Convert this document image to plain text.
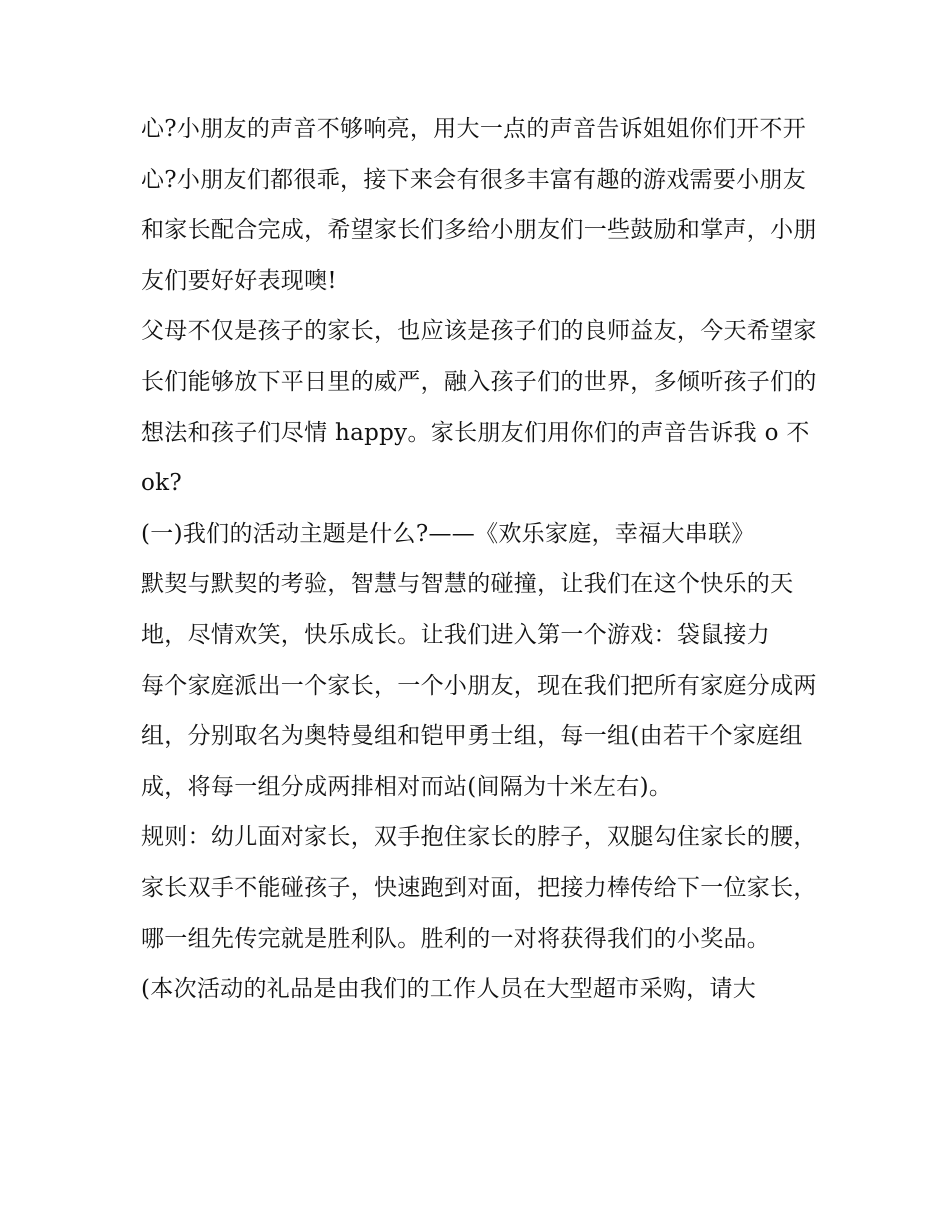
心?小朋友的声音不够响亮，用大一点的声音告诉姐姐你们开不开心?小朋友们都很乖，接下来会有很多丰富有趣的游戏需要小朋友和家长配合完成，希望家长们多给小朋友们一些鼓励和掌声，小朋友们要好好表现噢!

父母不仅是孩子的家长，也应该是孩子们的良师益友，今天希望家长们能够放下平日里的威严，融入孩子们的世界，多倾听孩子们的想法和孩子们尽情 happy。家长朋友们用你们的声音告诉我 o 不 ok?

(一)我们的活动主题是什么?——《欢乐家庭，幸福大串联》

默契与默契的考验，智慧与智慧的碰撞，让我们在这个快乐的天地，尽情欢笑，快乐成长。让我们进入第一个游戏：袋鼠接力

每个家庭派出一个家长，一个小朋友，现在我们把所有家庭分成两组，分别取名为奥特曼组和铠甲勇士组，每一组(由若干个家庭组成，将每一组分成两排相对而站(间隔为十米左右)。

规则：幼儿面对家长，双手抱住家长的脖子，双腿勾住家长的腰，家长双手不能碰孩子，快速跑到对面，把接力棒传给下一位家长，哪一组先传完就是胜利队。胜利的一对将获得我们的小奖品。

(本次活动的礼品是由我们的工作人员在大型超市采购，请大
